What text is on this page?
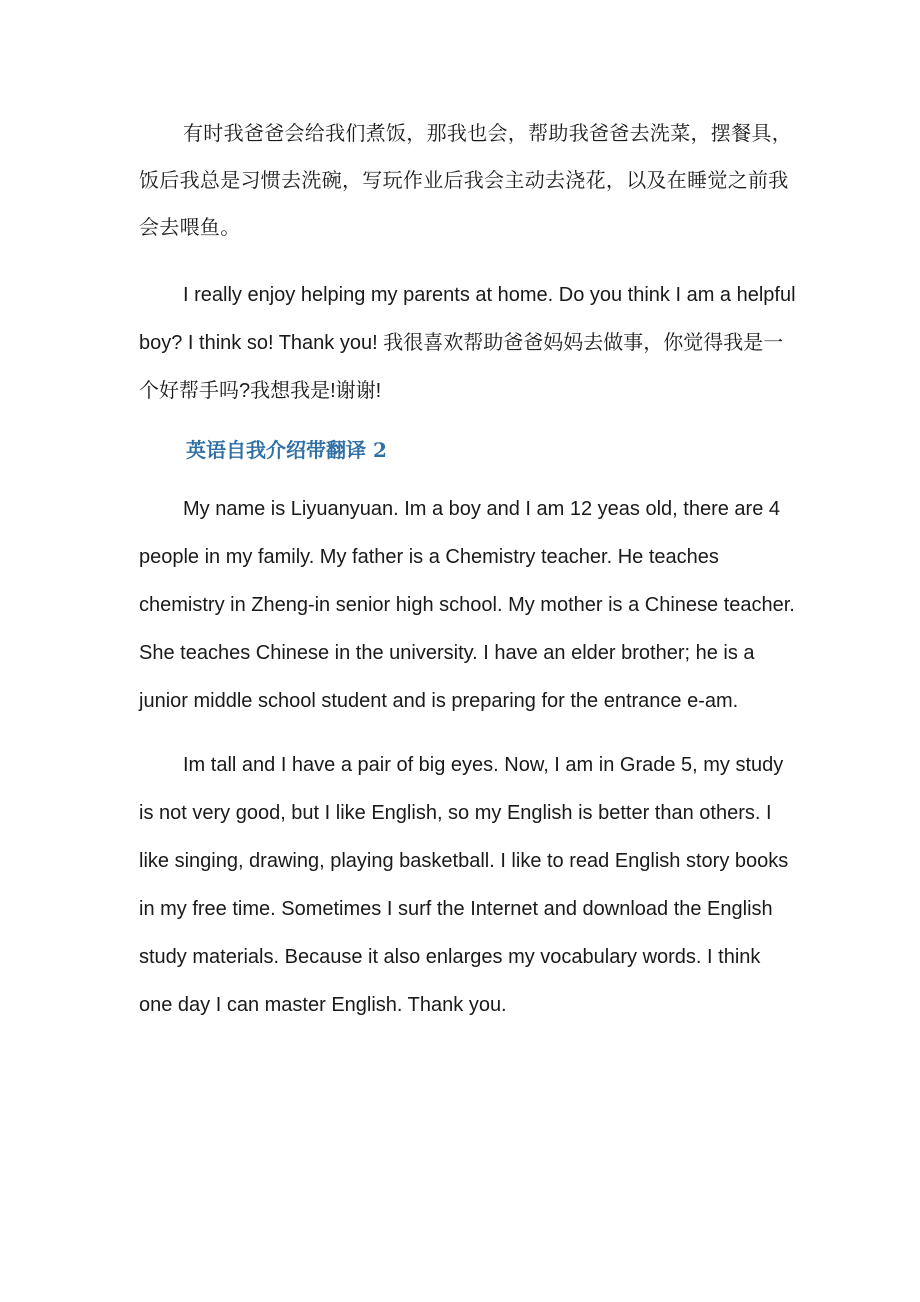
有时我爸爸会给我们煮饭，那我也会，帮助我爸爸去洗菜，摆餐具，饭后我总是习惯去洗碗，写玩作业后我会主动去浇花，以及在睡觉之前我会去喂鱼。

I really enjoy helping my parents at home. Do you think I am a helpful boy? I think so! Thank you! 我很喜欢帮助爸爸妈妈去做事，你觉得我是一个好帮手吗?我想我是!谢谢!

英语自我介绍带翻译 2

My name is Liyuanyuan. Im a boy and I am 12 yeas old, there are 4 people in my family. My father is a Chemistry teacher. He teaches chemistry in Zheng-in senior high school. My mother is a Chinese teacher. She teaches Chinese in the university. I have an elder brother; he is a junior middle school student and is preparing for the entrance e-am.

Im tall and I have a pair of big eyes. Now, I am in Grade 5, my study is not very good, but I like English, so my English is better than others. I like singing, drawing, playing basketball. I like to read English story books in my free time. Sometimes I surf the Internet and download the English study materials. Because it also enlarges my vocabulary words. I think one day I can master English. Thank you.
